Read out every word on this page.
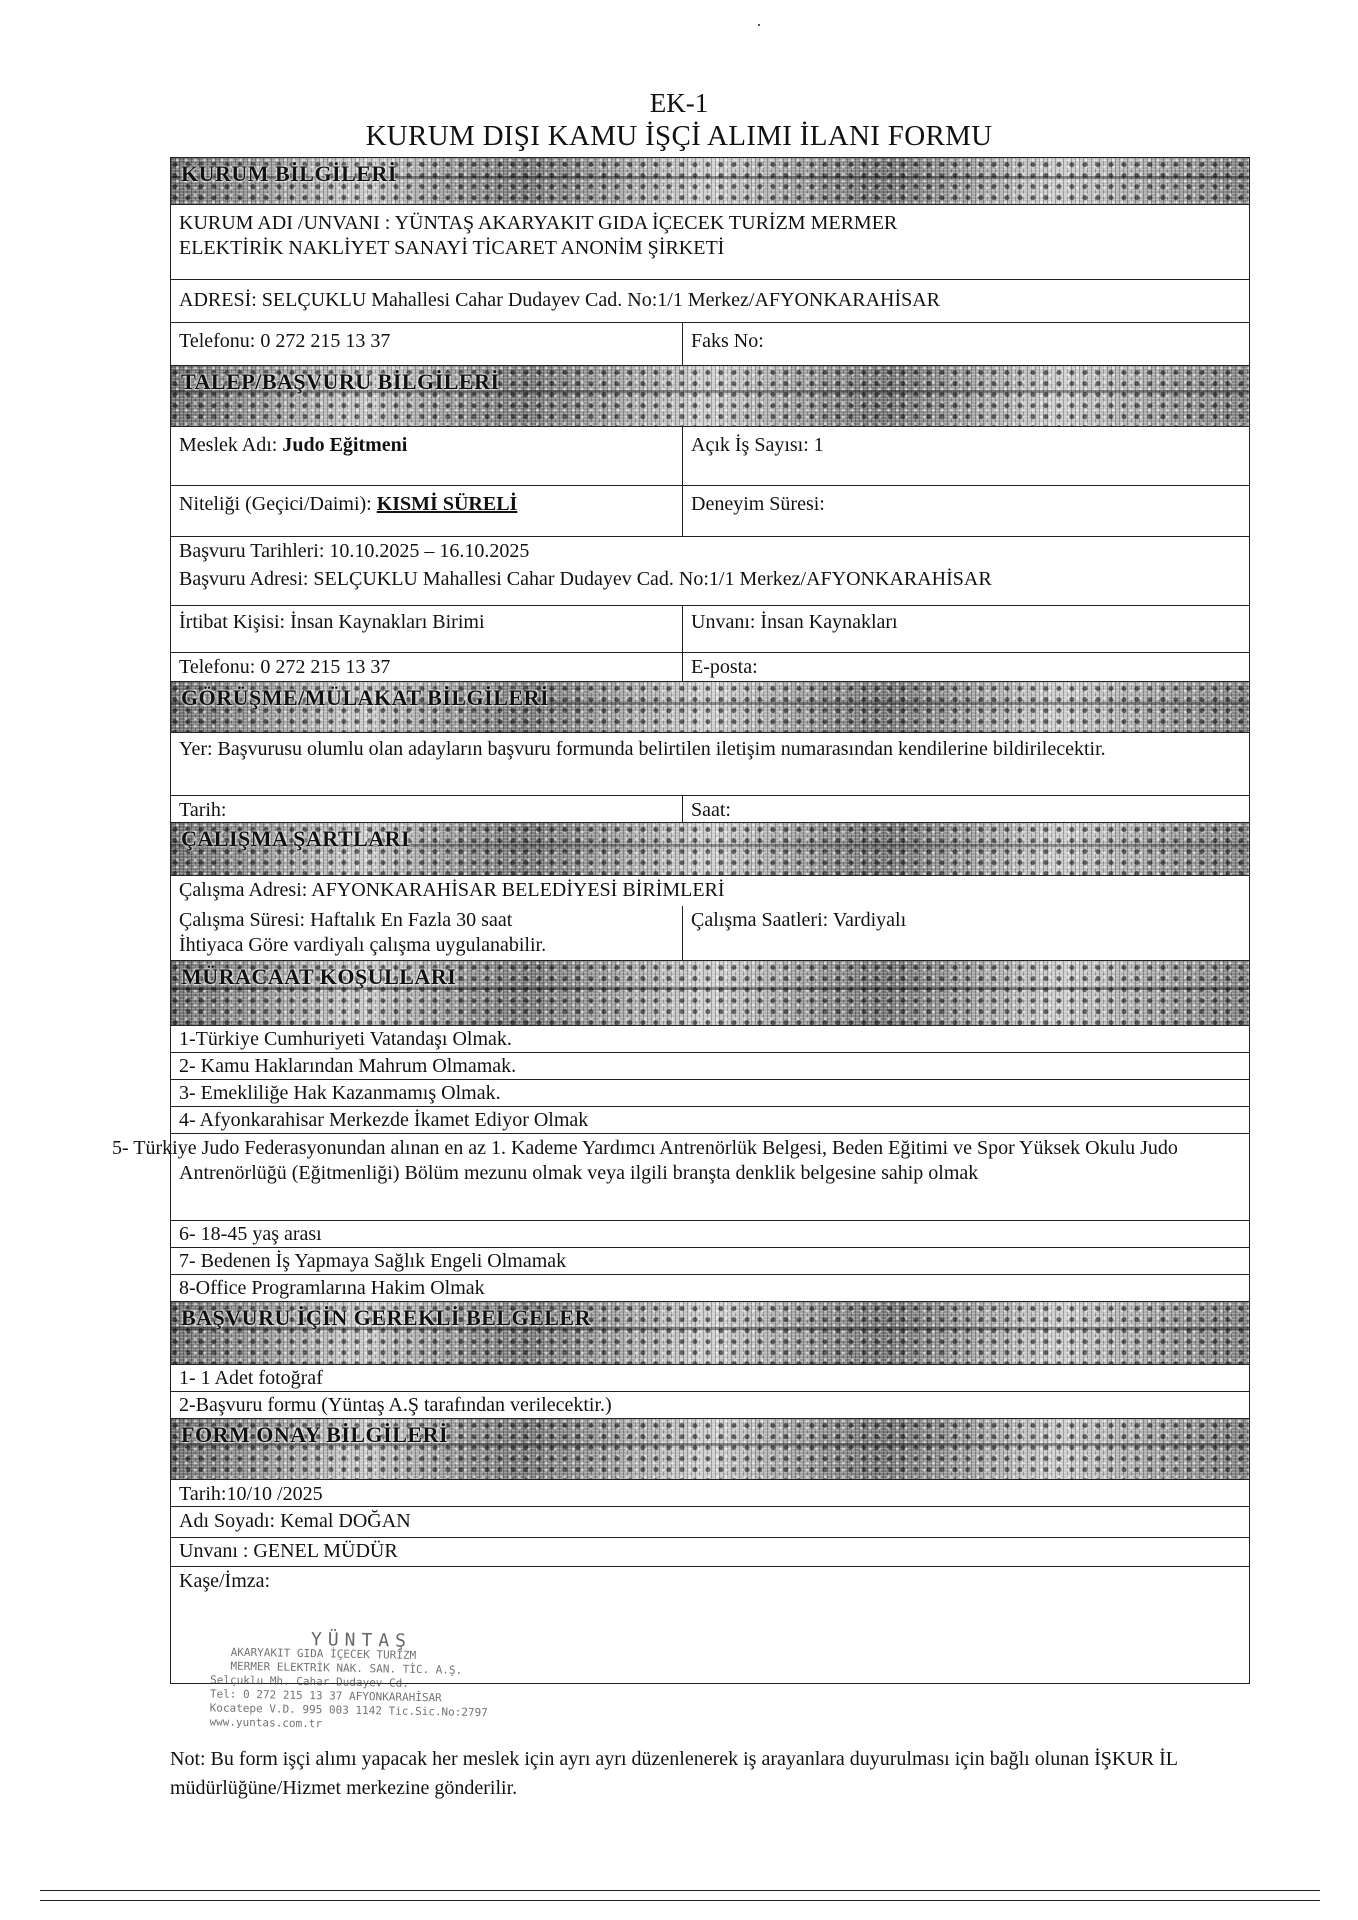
EK-1
KURUM DIŞI KAMU İŞÇİ ALIMI İLANI FORMU
KURUM BİLGİLERİ
KURUM ADI /UNVANI : YÜNTAŞ AKARYAKIT GIDA İÇECEK TURİZM MERMER
ELEKTİRİK NAKLİYET SANAYİ TİCARET ANONİM ŞİRKETİ
ADRESİ: SELÇUKLU Mahallesi Cahar Dudayev Cad. No:1/1 Merkez/AFYONKARAHİSAR
Telefonu: 0 272 215 13 37	Faks No:
TALEP/BAŞVURU BİLGİLERİ
Meslek Adı: Judo Eğitmeni	Açık İş Sayısı: 1
Niteliği (Geçici/Daimi): KISMİ SÜRELİ	Deneyim Süresi:
Başvuru Tarihleri: 10.10.2025 – 16.10.2025
Başvuru Adresi: SELÇUKLU Mahallesi Cahar Dudayev Cad. No:1/1 Merkez/AFYONKARAHİSAR
İrtibat Kişisi: İnsan Kaynakları Birimi	Unvanı: İnsan Kaynakları
Telefonu: 0 272 215 13 37	E-posta:
GÖRÜŞME/MÜLAKAT BİLGİLERİ
Yer: Başvurusu olumlu olan adayların başvuru formunda belirtilen iletişim numarasından kendilerine bildirilecektir.
Tarih:	Saat:
ÇALIŞMA ŞARTLARI
Çalışma Adresi: AFYONKARAHİSAR BELEDİYESİ BİRİMLERİ
Çalışma Süresi: Haftalık En Fazla 30 saat
İhtiyaca Göre vardiyalı çalışma uygulanabilir.
Çalışma Saatleri: Vardiyalı
MÜRACAAT KOŞULLARI
1-Türkiye Cumhuriyeti Vatandaşı Olmak.
2- Kamu Haklarından Mahrum Olmamak.
3- Emekliliğe Hak Kazanmamış Olmak.
4- Afyonkarahisar Merkezde İkamet Ediyor Olmak
5- Türkiye Judo Federasyonundan alınan en az 1. Kademe Yardımcı Antrenörlük Belgesi, Beden Eğitimi ve Spor Yüksek Okulu Judo Antrenörlüğü (Eğitmenliği) Bölüm mezunu olmak veya ilgili branşta denklik belgesine sahip olmak
6- 18-45 yaş arası
7- Bedenen İş Yapmaya Sağlık Engeli Olmamak
8-Office Programlarına Hakim Olmak
BAŞVURU İÇİN GEREKLİ BELGELER
1- 1 Adet fotoğraf
2-Başvuru formu (Yüntaş A.Ş tarafından verilecektir.)
FORM ONAY BİLGİLERİ
Tarih:10/10 /2025
Adı Soyadı: Kemal DOĞAN
Unvanı : GENEL MÜDÜR
Kaşe/İmza:
YÜNTAŞ
AKARYAKIT GIDA İÇECEK TURİZM
MERMER ELEKTRİK NAK. SAN. TİC. A.Ş.
Selçuklu Mh. Cahar Dudayev Cd.
Tel: 0 272 215 13 37 AFYONKARAHİSAR
Kocatepe V.D. 995 003 1142 Tic.Sic.No:2797
www.yuntas.com.tr
Not: Bu form işçi alımı yapacak her meslek için ayrı ayrı düzenlenerek iş arayanlara duyurulması için bağlı olunan İŞKUR İL müdürlüğüne/Hizmet merkezine gönderilir.
